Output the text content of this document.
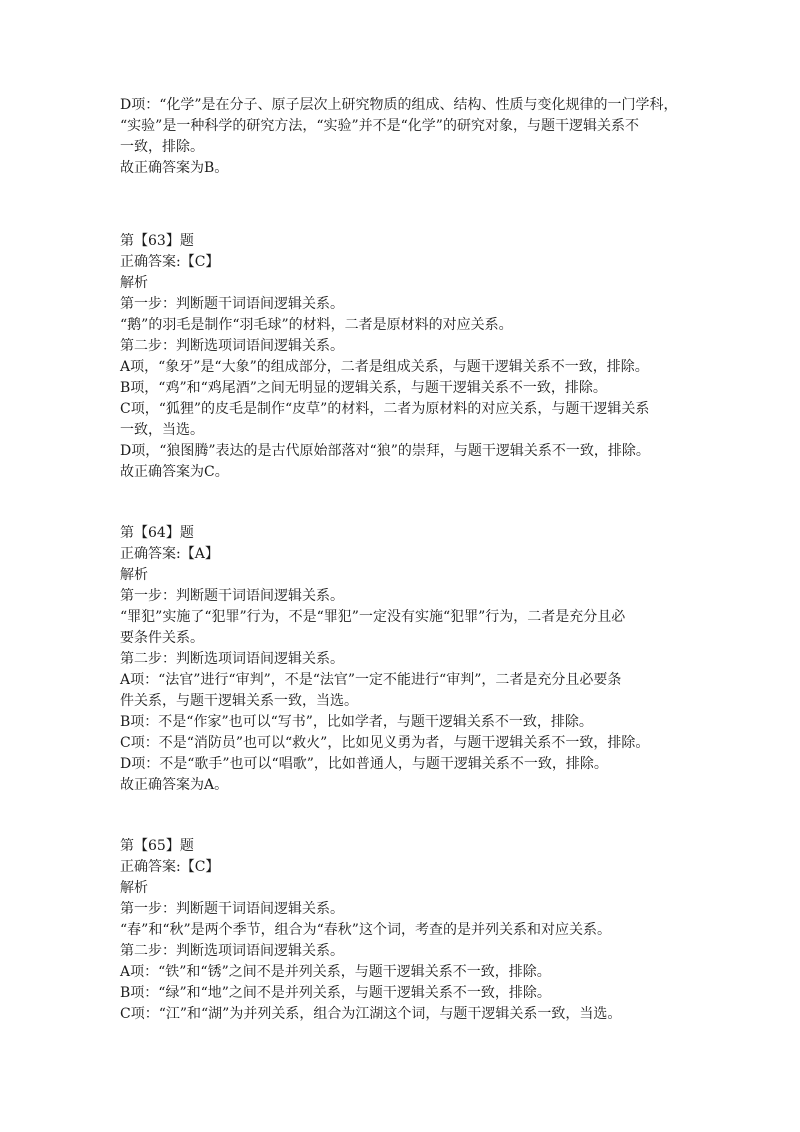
D项：“化学”是在分子、原子层次上研究物质的组成、结构、性质与变化规律的一门学科，
“实验”是一种科学的研究方法，“实验”并不是“化学”的研究对象，与题干逻辑关系不
一致，排除。
故正确答案为B。
第【63】题
正确答案:【C】
解析
第一步：判断题干词语间逻辑关系。
“鹅”的羽毛是制作“羽毛球”的材料，二者是原材料的对应关系。
第二步：判断选项词语间逻辑关系。
A项，“象牙”是“大象”的组成部分，二者是组成关系，与题干逻辑关系不一致，排除。
B项，“鸡”和“鸡尾酒”之间无明显的逻辑关系，与题干逻辑关系不一致，排除。
C项，“狐狸”的皮毛是制作“皮草”的材料，二者为原材料的对应关系，与题干逻辑关系
一致，当选。
D项，“狼图腾”表达的是古代原始部落对“狼”的崇拜，与题干逻辑关系不一致，排除。
故正确答案为C。
第【64】题
正确答案:【A】
解析
第一步：判断题干词语间逻辑关系。
“罪犯”实施了“犯罪”行为，不是“罪犯”一定没有实施“犯罪”行为，二者是充分且必
要条件关系。
第二步：判断选项词语间逻辑关系。
A项：“法官”进行“审判”，不是“法官”一定不能进行“审判”，二者是充分且必要条
件关系，与题干逻辑关系一致，当选。
B项：不是“作家”也可以“写书”，比如学者，与题干逻辑关系不一致，排除。
C项：不是“消防员”也可以“救火”，比如见义勇为者，与题干逻辑关系不一致，排除。
D项：不是“歌手”也可以“唱歌”，比如普通人，与题干逻辑关系不一致，排除。
故正确答案为A。
第【65】题
正确答案:【C】
解析
第一步：判断题干词语间逻辑关系。
“春”和“秋”是两个季节，组合为“春秋”这个词，考查的是并列关系和对应关系。
第二步：判断选项词语间逻辑关系。
A项：“铁”和“锈”之间不是并列关系，与题干逻辑关系不一致，排除。
B项：“绿”和“地”之间不是并列关系，与题干逻辑关系不一致，排除。
C项：“江”和“湖”为并列关系，组合为江湖这个词，与题干逻辑关系一致，当选。
